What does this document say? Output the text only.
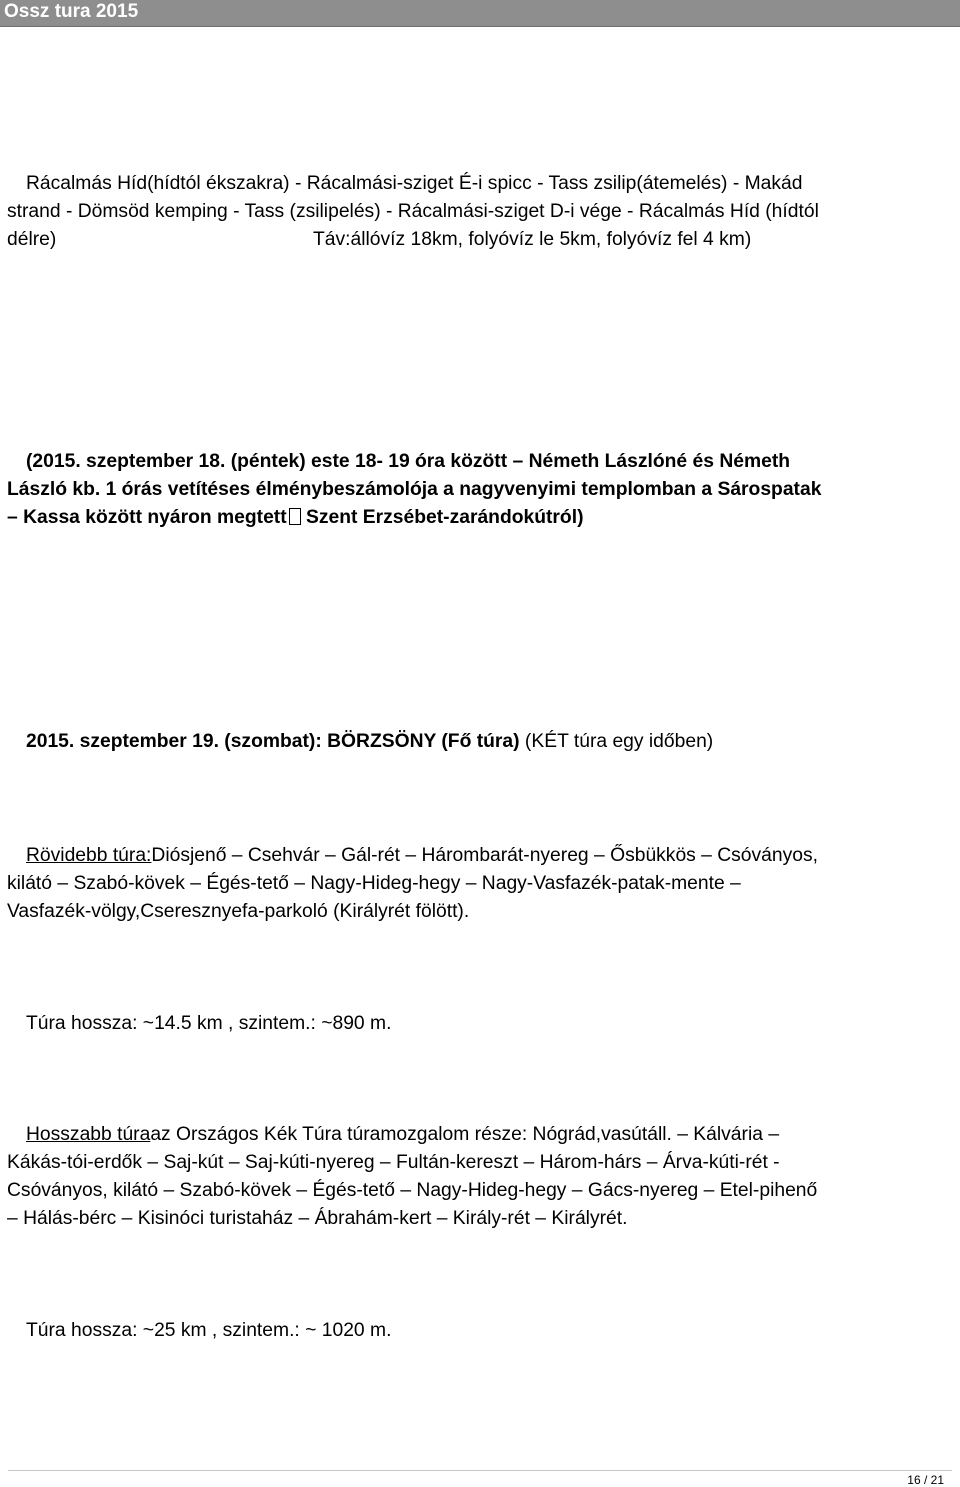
Ossz tura 2015

Rácalmás Híd(hídtól ékszakra) - Rácalmási-sziget É-i spicc - Tass zsilip(átemelés) - Makád

strand - Dömsöd kemping - Tass (zsilipelés) - Rácalmási-sziget D-i vége - Rácalmás Híd (hídtól

délre)	Táv:állóvíz 18km, folyóvíz le 5km, folyóvíz fel 4 km)

(2015. szeptember 18. (péntek) este 18- 19 óra között – Németh Lászlóné és Németh

László kb. 1 órás vetítéses élménybeszámolója a nagyvenyimi templomban a Sárospatak

– Kassa között nyáron megtett Szent Erzsébet-zarándokútról)

2015. szeptember 19. (szombat): BÖRZSÖNY (Fő túra) (KÉT túra egy időben)

Rövidebb túra:Diósjenő – Csehvár – Gál-rét – Hárombarát-nyereg – Ősbükkös – Csóványos,

kilátó – Szabó-kövek – Égés-tető – Nagy-Hideg-hegy – Nagy-Vasfazék-patak-mente –

Vasfazék-völgy,Cseresznyefa-parkoló (Királyrét fölött).

Túra hossza: ~14.5 km , szintem.: ~890 m.

Hosszabb túraaz Országos Kék Túra túramozgalom része: Nógrád,vasútáll. – Kálvária –

Kákás-tói-erdők – Saj-kút – Saj-kúti-nyereg – Fultán-kereszt – Három-hárs – Árva-kúti-rét -

Csóványos, kilátó – Szabó-kövek – Égés-tető – Nagy-Hideg-hegy – Gács-nyereg – Etel-pihenő

– Hálás-bérc – Kisinóci turistaház – Ábrahám-kert – Király-rét – Királyrét.

Túra hossza: ~25 km , szintem.: ~ 1020 m.

16 / 21
